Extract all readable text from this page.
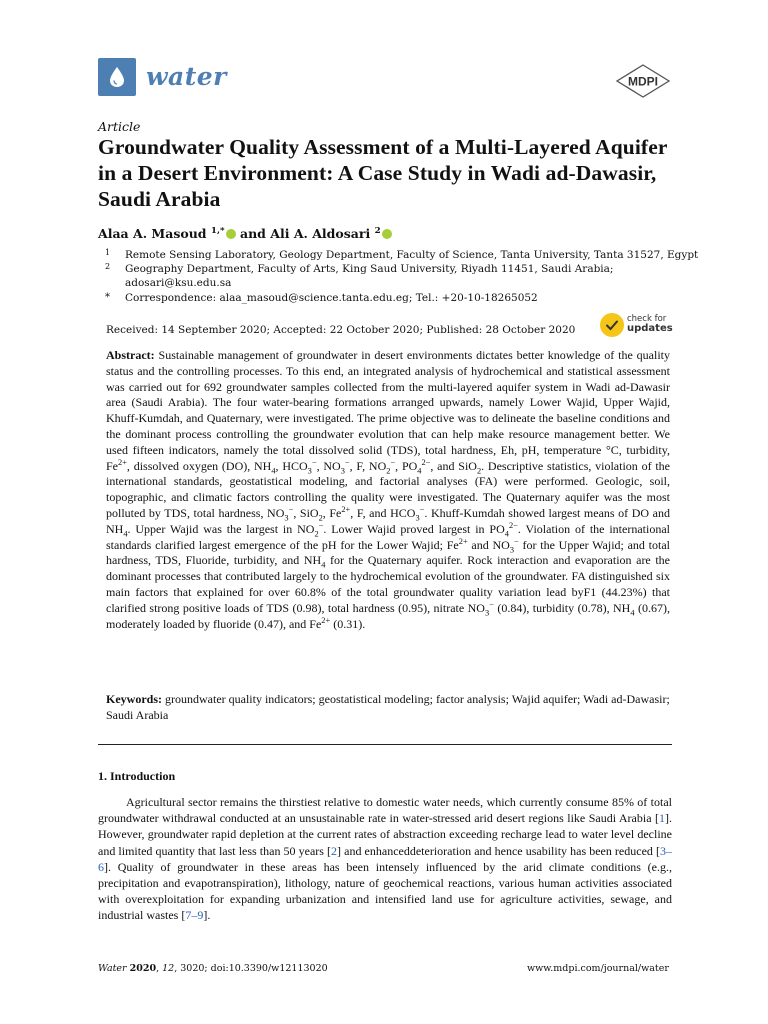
water	MDPI
Article
Groundwater Quality Assessment of a Multi-Layered Aquifer in a Desert Environment: A Case Study in Wadi ad-Dawasir, Saudi Arabia
Alaa A. Masoud $^{1,*}$ and Ali A. Aldosari $^2$
1 Remote Sensing Laboratory, Geology Department, Faculty of Science, Tanta University, Tanta 31527, Egypt
2 Geography Department, Faculty of Arts, King Saud University, Riyadh 11451, Saudi Arabia;
adosari@ksu.edu.sa
* Correspondence: alaa_masoud@science.tanta.edu.eg; Tel.: +20-10-18265052
Received: 14 September 2020; Accepted: 22 October 2020; Published: 28 October 2020
check for
updates
Abstract: Sustainable management of groundwater in desert environments dictates better knowledge of the quality status and the controlling processes. To this end, an integrated analysis of hydrochemical and statistical assessment was carried out for 692 groundwater samples collected from the multi-layered aquifer system in Wadi ad-Dawasir area (Saudi Arabia). The four water-bearing formations arranged upwards, namely Lower Wajid, Upper Wajid, Khuff-Kumdah, and Quaternary, were investigated. The prime objective was to delineate the baseline conditions and the dominant process controlling the groundwater evolution that can help make resource management better. We used fifteen indicators, namely the total dissolved solid (TDS), total hardness, Eh, pH, temperature °C, turbidity, $Fe^{2+}$, dissolved oxygen (DO), $NH_4$, $HCO_3^-$, $NO_3^-$, F, $NO_2^-$, $PO_4^{2-}$, and SiO$_2$. Descriptive statistics, violation of the international standards, geostatistical modeling, and factorial analyses (FA) were performed. Geologic, soil, topographic, and climatic factors controlling the quality were investigated. The Quaternary aquifer was the most polluted by TDS, total hardness, $NO_3^-$, SiO$_2$, $Fe^{2+}$, F, and $HCO_3^-$. Khuff-Kumdah showed largest means of DO and $NH_4$. Upper Wajid was the largest in $NO_2^-$. Lower Wajid proved largest in $PO_4^{2-}$. Violation of the international standards clarified largest emergence of the pH for the Lower Wajid; $Fe^{2+}$ and $NO_3^-$ for the Upper Wajid; and total hardness, TDS, Fluoride, turbidity, and $NH_4$ for the Quaternary aquifer. Rock interaction and evaporation are the dominant processes that contributed largely to the hydrochemical evolution of the groundwater. FA distinguished six main factors that explained for over 60.8% of the total groundwater quality variation lead byF1 (44.23%) that clarified strong positive loads of TDS (0.98), total hardness (0.95), nitrate $NO_3^-$ (0.84), turbidity (0.78), $NH_4$ (0.67), moderately loaded by fluoride (0.47), and $Fe^{2+}$ (0.31).
Keywords: groundwater quality indicators; geostatistical modeling; factor analysis; Wajid aquifer; Wadi ad-Dawasir; Saudi Arabia
1. Introduction
Agricultural sector remains the thirstiest relative to domestic water needs, which currently consume 85% of total groundwater withdrawal conducted at an unsustainable rate in water-stressed arid desert regions like Saudi Arabia [1]. However, groundwater rapid depletion at the current rates of abstraction exceeding recharge lead to water level decline and limited quantity that last less than 50 years [2] and enhanceddeterioration and hence usability has been reduced [3–6]. Quality of groundwater in these areas has been intensely influenced by the arid climate conditions (e.g., precipitation and evapotranspiration), lithology, nature of geochemical reactions, various human activities associated with overexploitation for expanding urbanization and intensified land use for agriculture activities, sewage, and industrial wastes [7–9].
Water 2020, 12, 3020; doi:10.3390/w12113020	www.mdpi.com/journal/water
